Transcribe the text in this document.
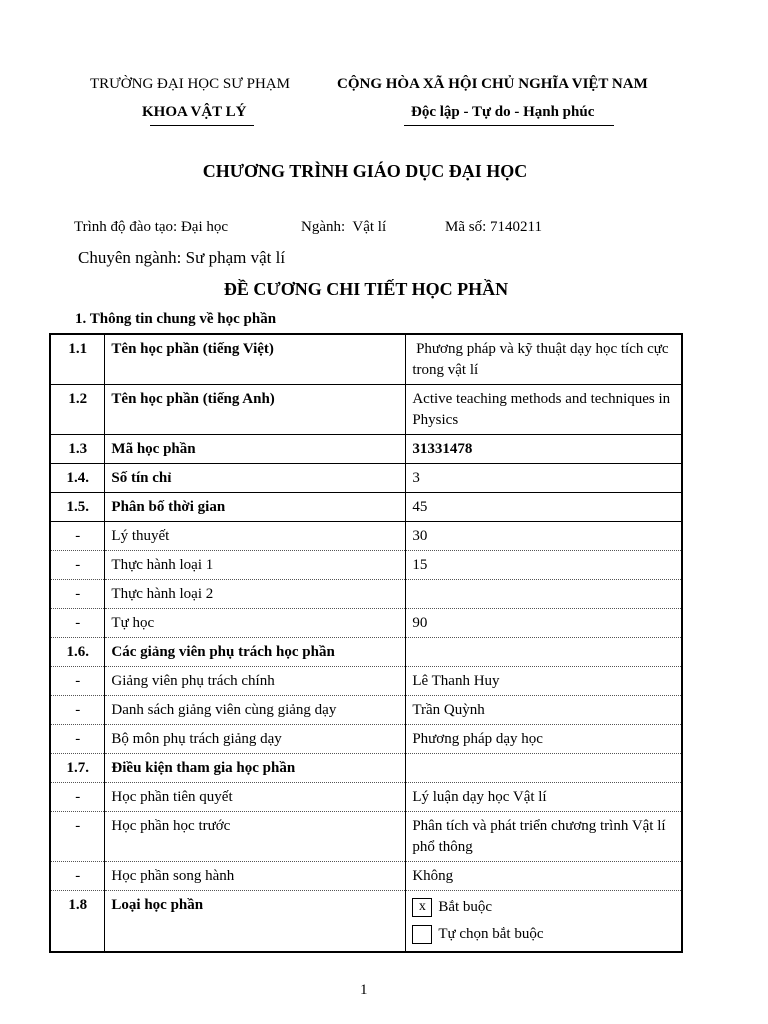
TRƯỜNG ĐẠI HỌC SƯ PHẠM
KHOA VẬT LÝ
CỘNG HÒA XÃ HỘI CHỦ NGHĨA VIỆT NAM
Độc lập - Tự do - Hạnh phúc
CHƯƠNG TRÌNH GIÁO DỤC ĐẠI HỌC
Trình độ đào tạo: Đại học	Ngành:  Vật lí	Mã số: 7140211
Chuyên ngành: Sư phạm vật lí
ĐỀ CƯƠNG CHI TIẾT HỌC PHẦN
1. Thông tin chung về học phần
1.1	Tên học phần (tiếng Việt)	Phương pháp và kỹ thuật dạy học tích cực trong vật lí
1.2	Tên học phần (tiếng Anh)	Active teaching methods and techniques in Physics
1.3	Mã học phần	31331478
1.4.	Số tín chỉ	3
1.5.	Phân bố thời gian	45
-	Lý thuyết	30
-	Thực hành loại 1	15
-	Thực hành loại 2	
-	Tự học	90
1.6.	Các giảng viên phụ trách học phần	
-	Giảng viên phụ trách chính	Lê Thanh Huy
-	Danh sách giảng viên cùng giảng dạy	Trần Quỳnh
-	Bộ môn phụ trách giảng dạy	Phương pháp dạy học
1.7.	Điều kiện tham gia học phần	
-	Học phần tiên quyết	Lý luận dạy học Vật lí
-	Học phần học trước	Phân tích và phát triển chương trình Vật lí phổ thông
-	Học phần song hành	Không
1.8	Loại học phần	x Bắt buộc
Tự chọn bắt buộc
1
